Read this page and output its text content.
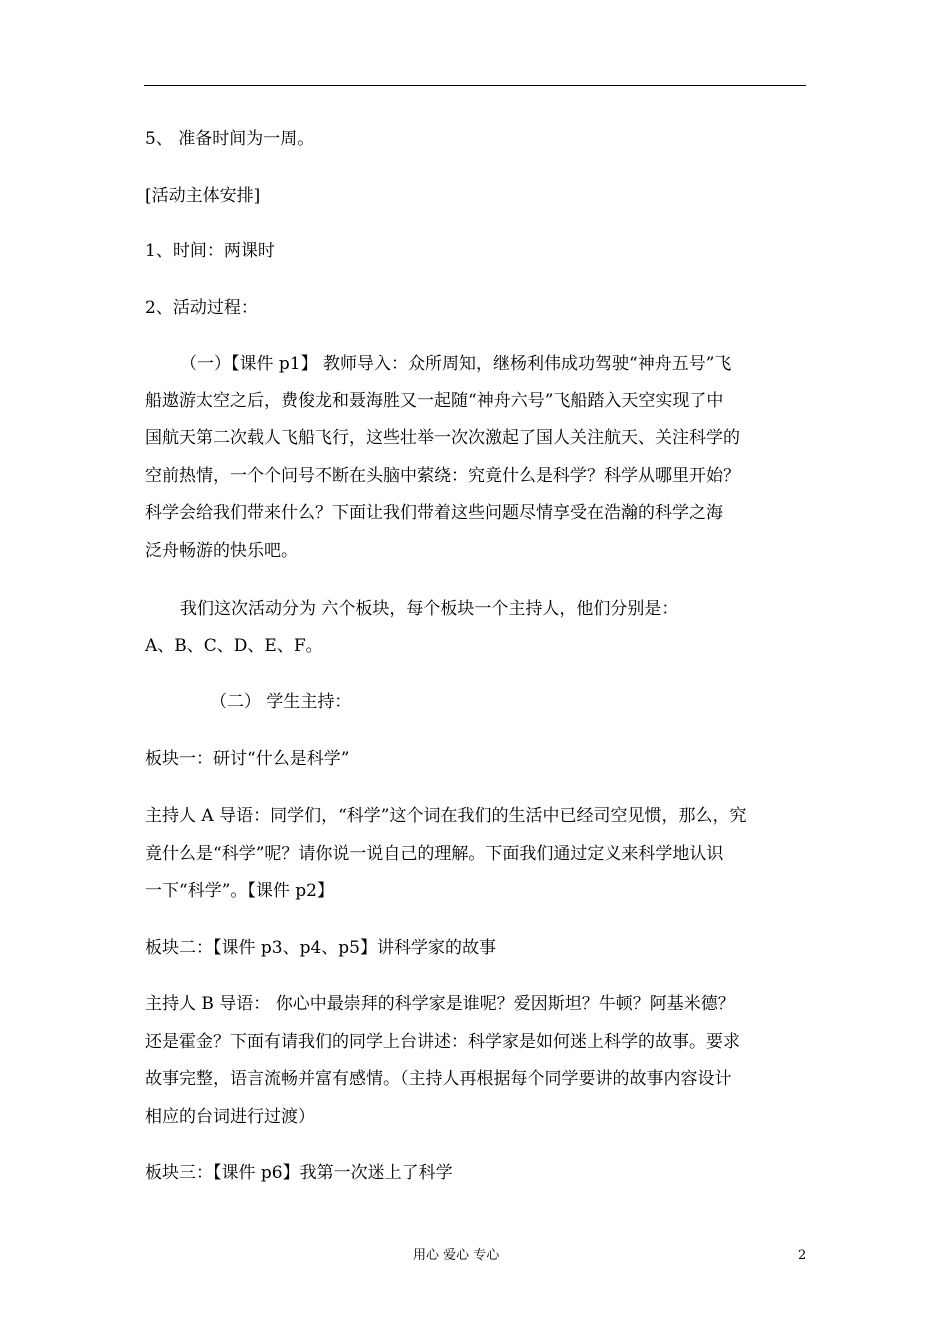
5、 准备时间为一周。
[活动主体安排]
1、时间：两课时
2、活动过程：
（一）【课件 p1】 教师导入：众所周知，继杨利伟成功驾驶“神舟五号”飞
船遨游太空之后，费俊龙和聂海胜又一起随“神舟六号”飞船踏入天空实现了中
国航天第二次载人飞船飞行，这些壮举一次次激起了国人关注航天、关注科学的
空前热情，一个个问号不断在头脑中萦绕：究竟什么是科学？科学从哪里开始？
科学会给我们带来什么？下面让我们带着这些问题尽情享受在浩瀚的科学之海
泛舟畅游的快乐吧。
我们这次活动分为 六个板块，每个板块一个主持人，他们分别是：
A、B、C、D、E、F。
（二） 学生主持：
板块一：研讨“什么是科学”
主持人 A 导语：同学们，“科学”这个词在我们的生活中已经司空见惯，那么，究
竟什么是“科学”呢？请你说一说自己的理解。下面我们通过定义来科学地认识
一下“科学”。【课件 p2】
板块二：【课件 p3、p4、p5】讲科学家的故事
主持人 B 导语： 你心中最崇拜的科学家是谁呢？爱因斯坦？牛顿？阿基米德？
还是霍金？下面有请我们的同学上台讲述：科学家是如何迷上科学的故事。要求
故事完整，语言流畅并富有感情。（主持人再根据每个同学要讲的故事内容设计
相应的台词进行过渡）
板块三：【课件 p6】我第一次迷上了科学
用心 爱心 专心	2
